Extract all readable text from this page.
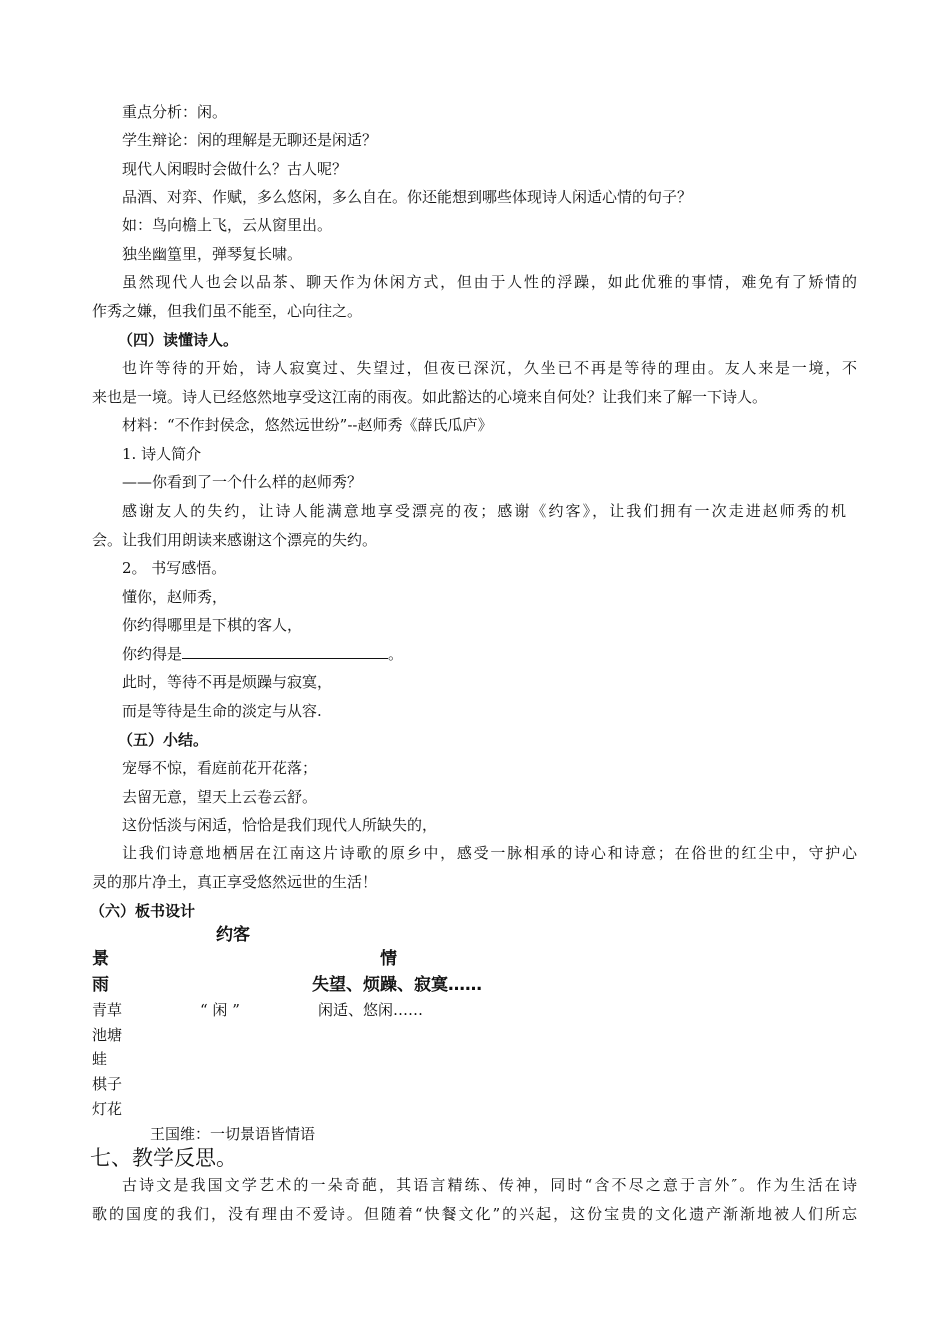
重点分析：闲。
学生辩论：闲的理解是无聊还是闲适？
现代人闲暇时会做什么？古人呢？
品酒、对弈、作赋，多么悠闲，多么自在。你还能想到哪些体现诗人闲适心情的句子？
如：鸟向檐上飞，云从窗里出。
独坐幽篁里，弹琴复长啸。
虽然现代人也会以品茶、聊天作为休闲方式，但由于人性的浮躁，如此优雅的事情，难免有了矫情的
作秀之嫌，但我们虽不能至，心向往之。
（四）读懂诗人。
也许等待的开始，诗人寂寞过、失望过，但夜已深沉，久坐已不再是等待的理由。友人来是一境，不
来也是一境。诗人已经悠然地享受这江南的雨夜。如此豁达的心境来自何处？让我们来了解一下诗人。
材料：“不作封侯念，悠然远世纷”--赵师秀《薛氏瓜庐》
1. 诗人简介
——你看到了一个什么样的赵师秀？
感谢友人的失约，让诗人能满意地享受漂亮的夜；感谢《约客》，让我们拥有一次走进赵师秀的机
会。让我们用朗读来感谢这个漂亮的失约。
2。 书写感悟。
懂你，赵师秀，
你约得哪里是下棋的客人，
你约得是	。
此时，等待不再是烦躁与寂寞，
而是等待是生命的淡定与从容.
（五）小结。
宠辱不惊，看庭前花开花落；
去留无意，望天上云卷云舒。
这份恬淡与闲适，恰恰是我们现代人所缺失的，
让我们诗意地栖居在江南这片诗歌的原乡中，感受一脉相承的诗心和诗意；在俗世的红尘中，守护心
灵的那片净土，真正享受悠然远世的生活！
（六）板书设计
约客
景	情
雨	失望、烦躁、寂寞……
青草	“ 闲 ”	闲适、悠闲……
池塘
蛙
棋子
灯花
王国维：一切景语皆情语
七、教学反思。
古诗文是我国文学艺术的一朵奇葩，其语言精练、传神，同时“含不尽之意于言外″。作为生活在诗
歌的国度的我们，没有理由不爱诗。但随着“快餐文化”的兴起，这份宝贵的文化遗产渐渐地被人们所忘
